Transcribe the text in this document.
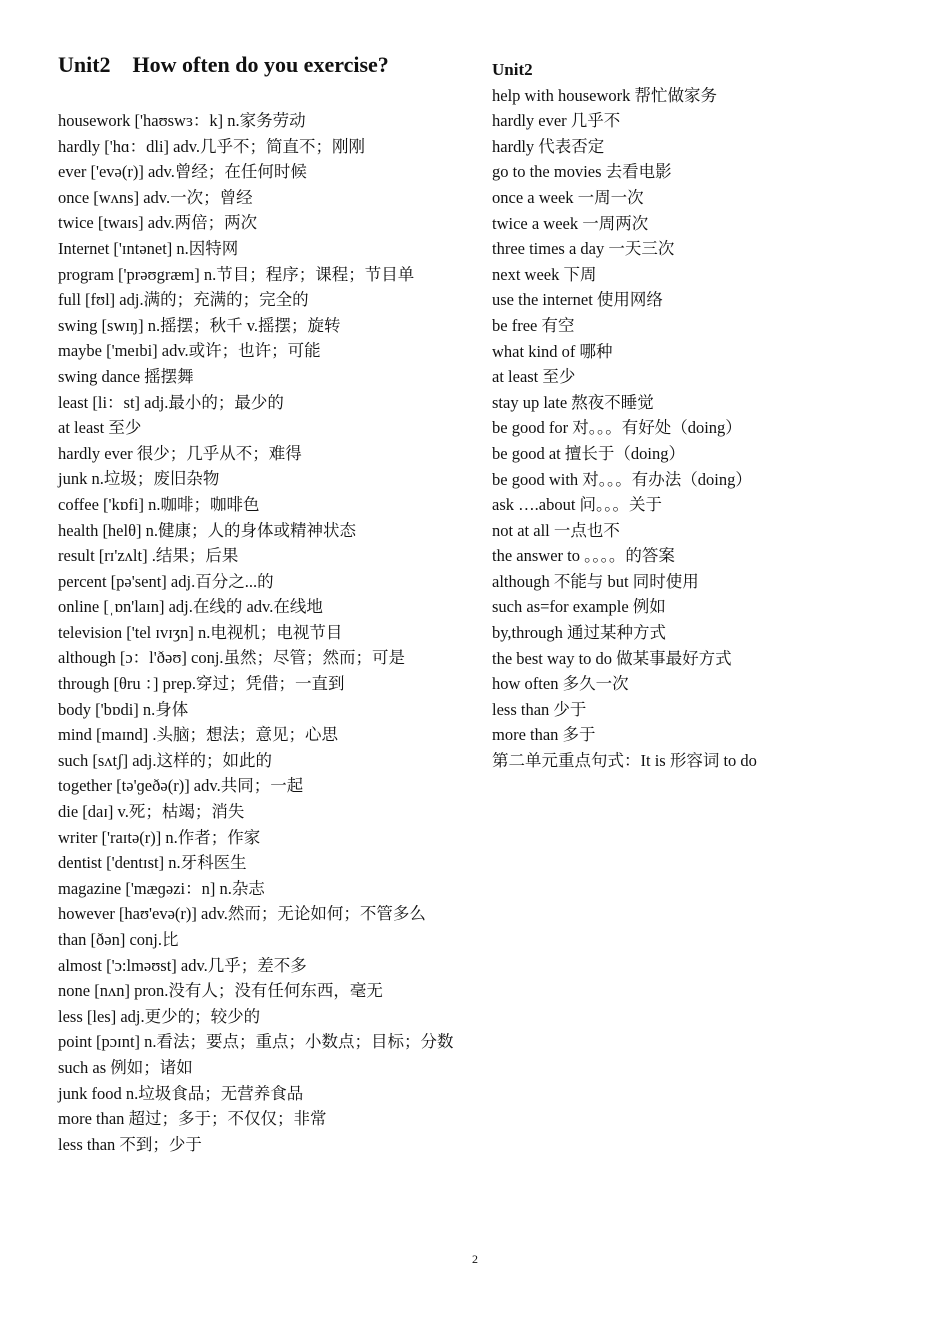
Unit2    How often do you exercise?
housework ['haʊswɜ：k] n.家务劳动
hardly ['hɑ：dli] adv.几乎不；简直不；刚刚
ever ['evə(r)] adv.曾经；在任何时候
once [wʌns] adv.一次；曾经
twice [twaɪs] adv.两倍；两次
Internet ['ɪntənet] n.因特网
program ['prəʊgræm] n.节目；程序；课程；节目单
full [fʊl] adj.满的；充满的；完全的
swing [swɪŋ] n.摇摆；秋千 v.摇摆；旋转
maybe ['meɪbi] adv.或许；也许；可能
swing dance 摇摆舞
least [li：st] adj.最小的；最少的
at least 至少
hardly ever 很少；几乎从不；难得
junk n.垃圾；废旧杂物
coffee ['kɒfi] n.咖啡；咖啡色
health [helθ] n.健康；人的身体或精神状态
result [rɪ'zʌlt] .结果；后果
percent [pə'sent] adj.百分之...的
online [ˌɒn'laɪn] adj.在线的 adv.在线地
television ['tel ɪvɪʒn] n.电视机；电视节目
although [ɔ：l'ðəʊ] conj.虽然；尽管；然而；可是
through [θru ：] prep.穿过；凭借；一直到
body ['bɒdi] n.身体
mind [maɪnd] .头脑；想法；意见；心思
such [sʌtʃ] adj.这样的；如此的
together [tə'ɡeðə(r)] adv.共同；一起
die [daɪ] v.死；枯竭；消失
writer ['raɪtə(r)] n.作者；作家
dentist ['dentɪst] n.牙科医生
magazine ['mæɡəzi：n] n.杂志
however [haʊ'evə(r)] adv.然而；无论如何；不管多么
than [ðən] conj.比
almost ['ɔ:lməʊst] adv.几乎；差不多
none [nʌn] pron.没有人；没有任何东西，毫无
less [les] adj.更少的；较少的
point [pɔɪnt] n.看法；要点；重点；小数点；目标；分数
such as 例如；诸如
junk food n.垃圾食品；无营养食品
more than 超过；多于；不仅仅；非常
less than 不到；少于
Unit2
help with housework 帮忙做家务
hardly ever 几乎不
hardly 代表否定
go to the movies 去看电影
once a week 一周一次
twice a week 一周两次
three times a day 一天三次
next week 下周
use the internet 使用网络
be free 有空
what kind of 哪种
at least 至少
stay up late 熬夜不睡觉
be good for 对。。。有好处（doing）
be good at 擅长于（doing）
be good with 对。。。有办法（doing）
ask ….about 问。。。关于
not at all 一点也不
the answer to 。。。。的答案
although 不能与 but 同时使用
such as=for example 例如
by,through 通过某种方式
the best way to do 做某事最好方式
how often 多久一次
less than 少于
more than 多于
第二单元重点句式：It is 形容词 to do
2
